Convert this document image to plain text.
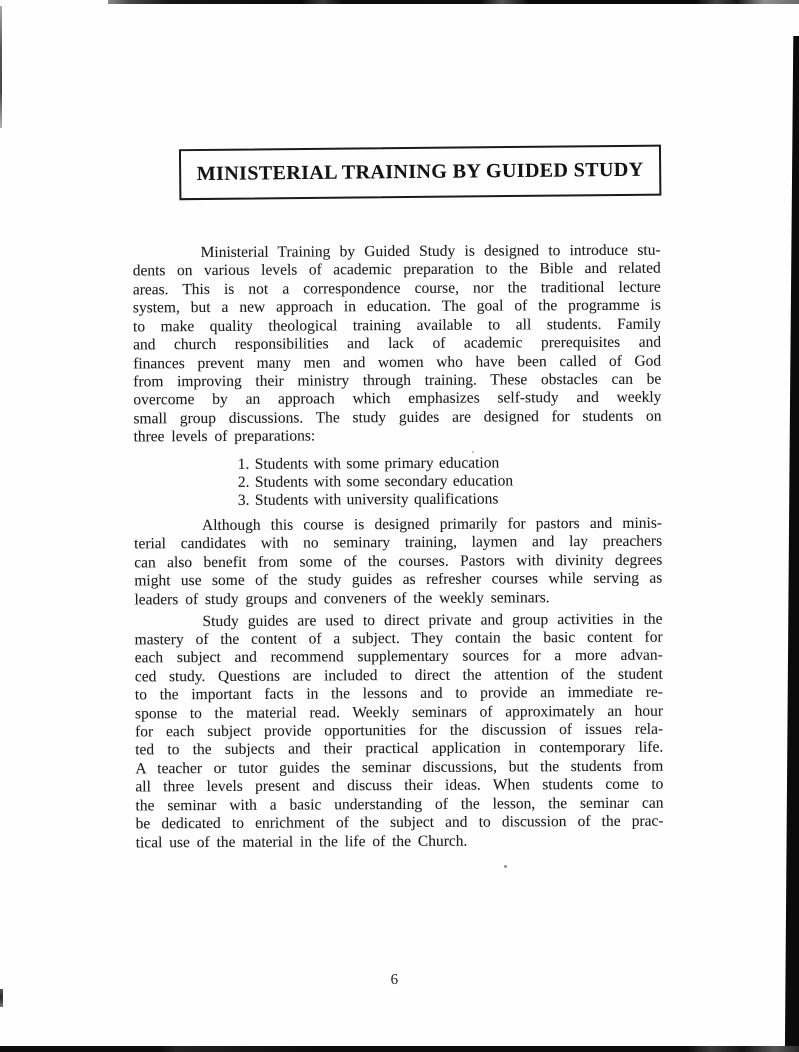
MINISTERIAL TRAINING BY GUIDED STUDY
Ministerial Training by Guided Study is designed to introduce stu-
dents on various levels of academic preparation to the Bible and related
areas. This is not a correspondence course, nor the traditional lecture
system, but a new approach in education. The goal of the programme is
to make quality theological training available to all students. Family
and church responsibilities and lack of academic prerequisites and
finances prevent many men and women who have been called of God
from improving their ministry through training. These obstacles can be
overcome by an approach which emphasizes self-study and weekly
small group discussions. The study guides are designed for students on
three levels of preparations:
1. Students with some primary education
2. Students with some secondary education
3. Students with university qualifications
Although this course is designed primarily for pastors and minis-
terial candidates with no seminary training, laymen and lay preachers
can also benefit from some of the courses. Pastors with divinity degrees
might use some of the study guides as refresher courses while serving as
leaders of study groups and conveners of the weekly seminars.
Study guides are used to direct private and group activities in the
mastery of the content of a subject. They contain the basic content for
each subject and recommend supplementary sources for a more advan-
ced study. Questions are included to direct the attention of the student
to the important facts in the lessons and to provide an immediate re-
sponse to the material read. Weekly seminars of approximately an hour
for each subject provide opportunities for the discussion of issues rela-
ted to the subjects and their practical application in contemporary life.
A teacher or tutor guides the seminar discussions, but the students from
all three levels present and discuss their ideas. When students come to
the seminar with a basic understanding of the lesson, the seminar can
be dedicated to enrichment of the subject and to discussion of the prac-
tical use of the material in the life of the Church.
6
